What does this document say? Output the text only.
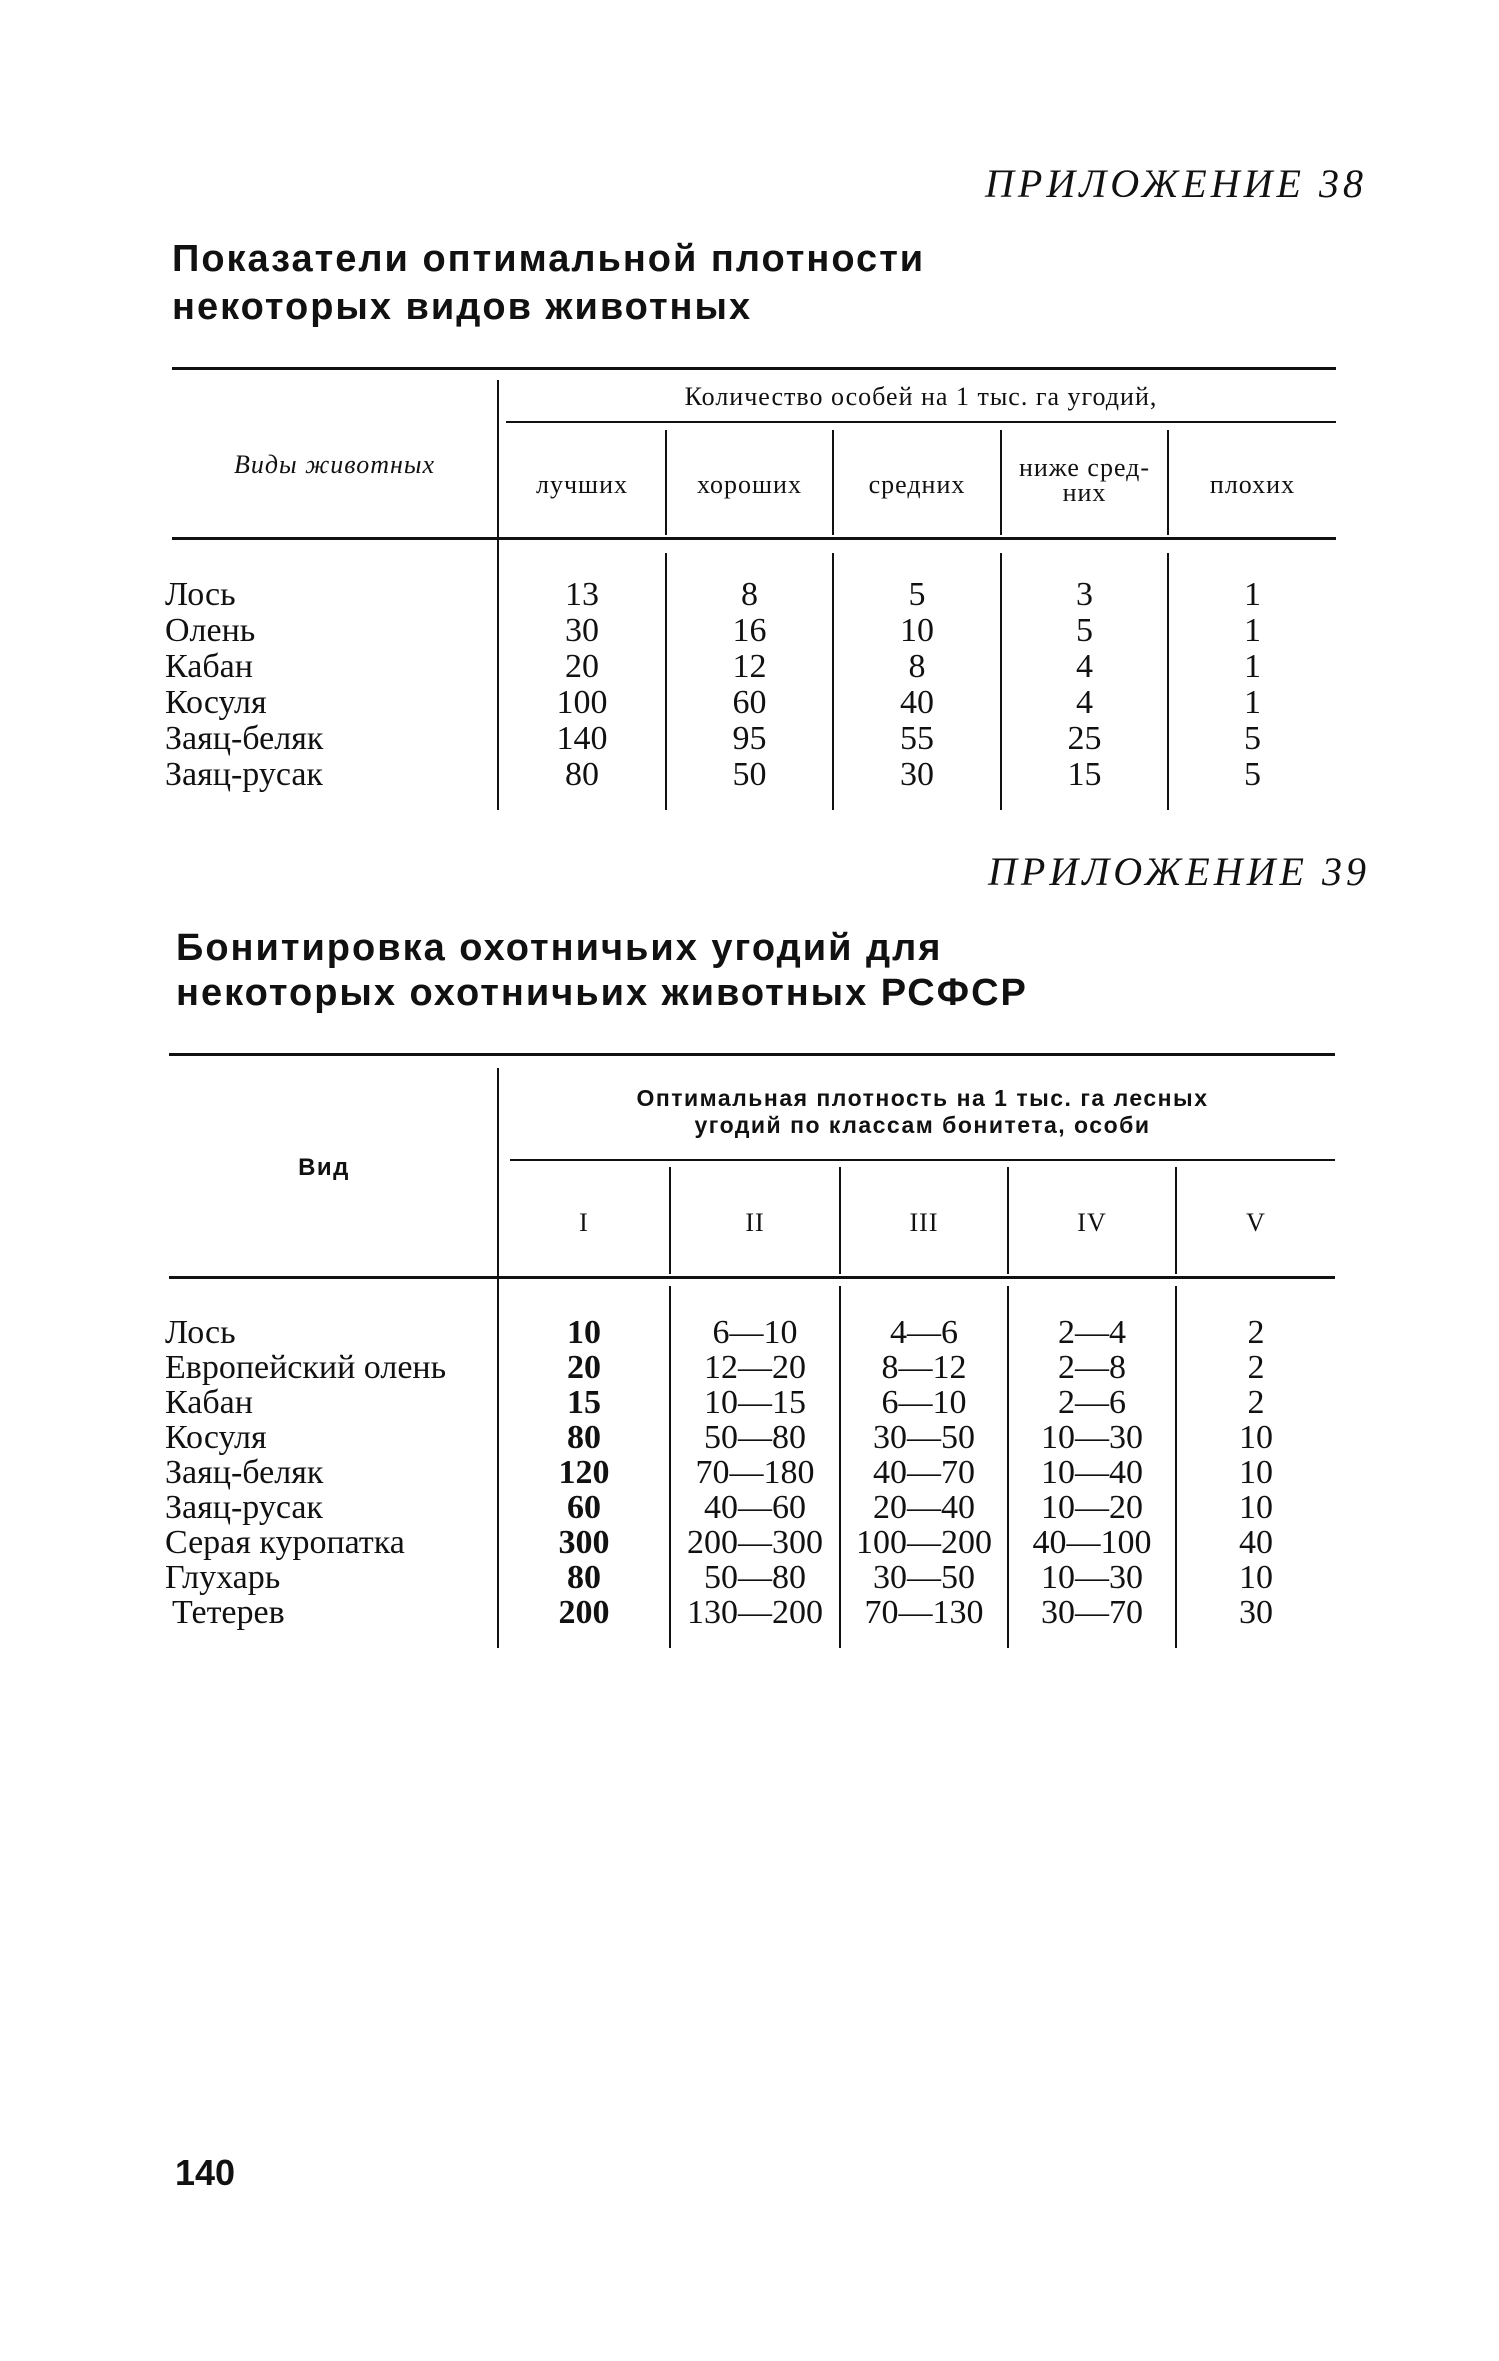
ПРИЛОЖЕНИЕ 38
Показатели оптимальной плотности
некоторых видов животных
Виды животных
Количество особей на 1 тыс. га угодий,
лучших	хороших	средних
ниже сред-
них	плохих
Лось	13	8	5	3	1
Олень	30	16	10	5	1
Кабан	20	12	8	4	1
Косуля	100	60	40	4	1
Заяц-беляк	140	95	55	25	5
Заяц-русак	80	50	30	15	5
ПРИЛОЖЕНИЕ 39
Бонитировка охотничьих угодий для
некоторых охотничьих животных РСФСР
Вид
Оптимальная плотность на 1 тыс. га лесных
угодий по классам бонитета, особи
I	II	III	IV	V
Лось	10	6—10	4—6	2—4	2
Европейский олень	20	12—20	8—12	2—8	2
Кабан	15	10—15	6—10	2—6	2
Косуля	80	50—80	30—50	10—30	10
Заяц-беляк	120	70—180	40—70	10—40	10
Заяц-русак	60	40—60	20—40	10—20	10
Серая куропатка	300	200—300 100—200	40—100	40
Глухарь	80	50—80	30—50	10—30	10
Тетерев	200	130—200	70—130	30—70	30
140
